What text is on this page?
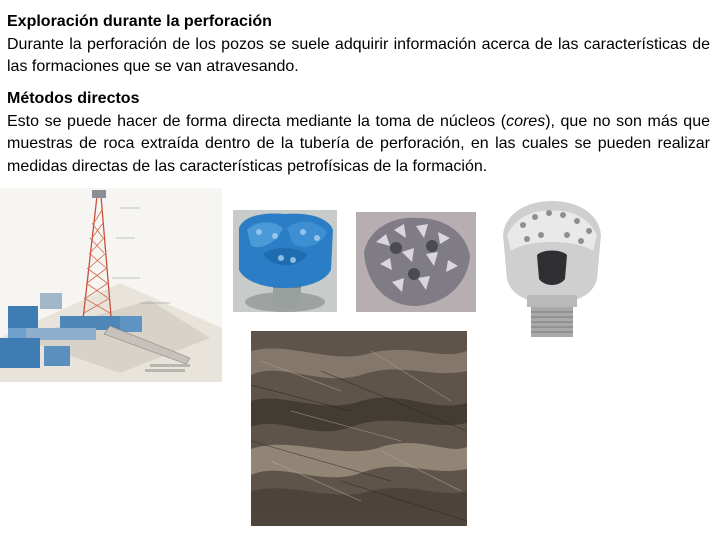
Exploración durante la perforación
Durante la perforación de los pozos se suele adquirir información acerca de las características de las formaciones que se van atravesando.
Métodos directos
Esto se puede hacer de forma directa mediante la toma de núcleos (cores), que no son más que muestras de roca extraída dentro de la tubería de perforación, en las cuales se pueden realizar medidas directas de las características petrofísicas de la formación.
